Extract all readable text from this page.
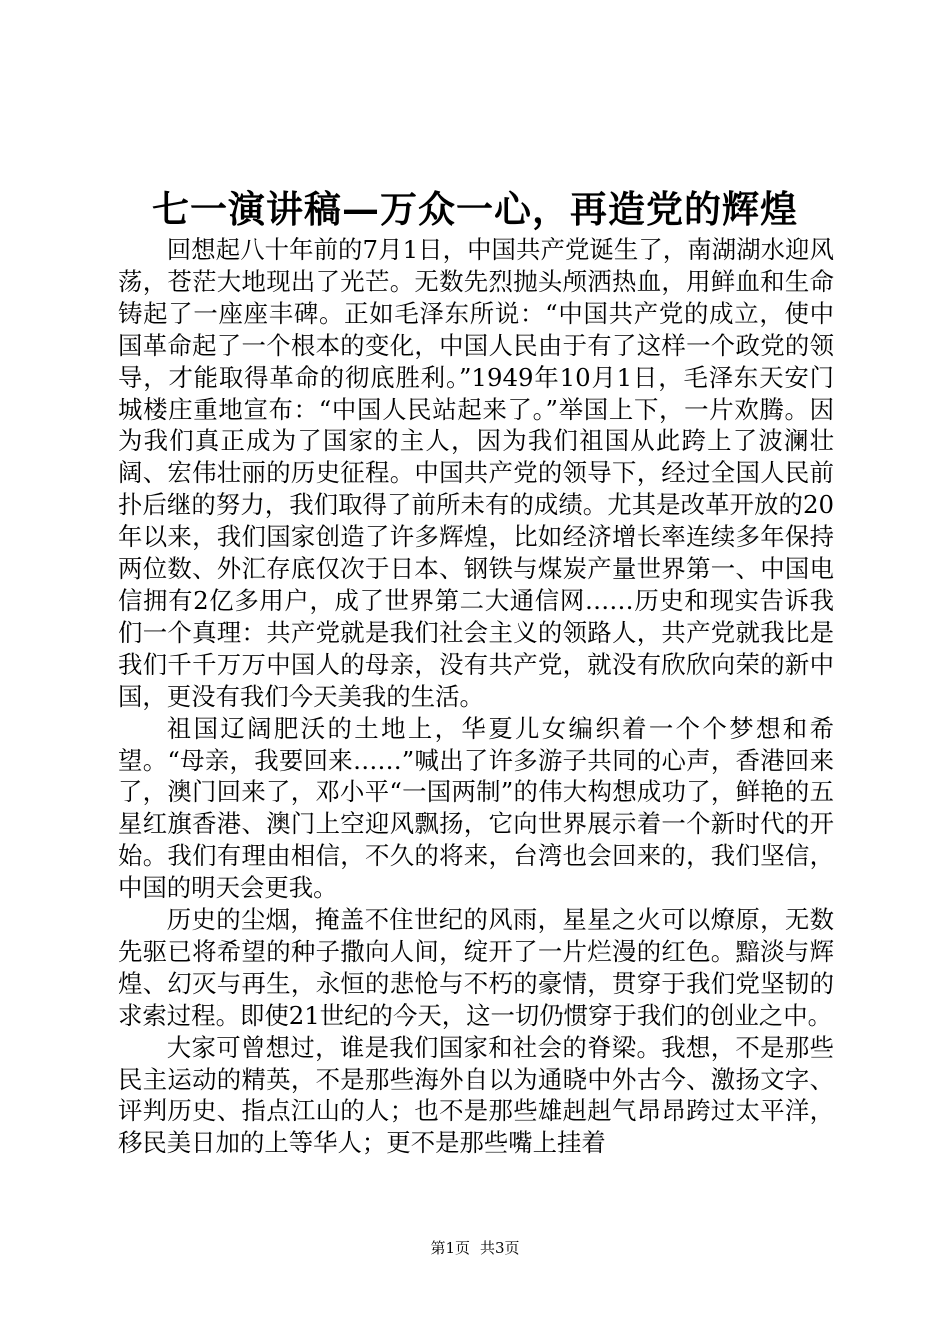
七一演讲稿—万众一心，再造党的辉煌

回想起八十年前的7月1日，中国共产党诞生了，南湖湖水迎风荡，苍茫大地现出了光芒。无数先烈抛头颅洒热血，用鲜血和生命铸起了一座座丰碑。正如毛泽东所说：“中国共产党的成立，使中国革命起了一个根本的变化，中国人民由于有了这样一个政党的领导，才能取得革命的彻底胜利。”1949年10月1日，毛泽东天安门城楼庄重地宣布：“中国人民站起来了。”举国上下，一片欢腾。因为我们真正成为了国家的主人，因为我们祖国从此跨上了波澜壮阔、宏伟壮丽的历史征程。中国共产党的领导下，经过全国人民前扑后继的努力，我们取得了前所未有的成绩。尤其是改革开放的20年以来，我们国家创造了许多辉煌，比如经济增长率连续多年保持两位数、外汇存底仅次于日本、钢铁与煤炭产量世界第一、中国电信拥有2亿多用户，成了世界第二大通信网……历史和现实告诉我们一个真理：共产党就是我们社会主义的领路人，共产党就我比是我们千千万万中国人的母亲，没有共产党，就没有欣欣向荣的新中国，更没有我们今天美我的生活。

祖国辽阔肥沃的土地上，华夏儿女编织着一个个梦想和希望。“母亲，我要回来……”喊出了许多游子共同的心声，香港回来了，澳门回来了，邓小平“一国两制”的伟大构想成功了，鲜艳的五星红旗香港、澳门上空迎风飘扬，它向世界展示着一个新时代的开始。我们有理由相信，不久的将来，台湾也会回来的，我们坚信，中国的明天会更我。

历史的尘烟，掩盖不住世纪的风雨，星星之火可以燎原，无数先驱已将希望的种子撒向人间，绽开了一片烂漫的红色。黯淡与辉煌、幻灭与再生，永恒的悲怆与不朽的豪情，贯穿于我们党坚韧的求索过程。即使21世纪的今天，这一切仍惯穿于我们的创业之中。

大家可曾想过，谁是我们国家和社会的脊梁。我想，不是那些民主运动的精英，不是那些海外自以为通晓中外古今、激扬文字、评判历史、指点江山的人；也不是那些雄赳赳气昂昂跨过太平洋，移民美日加的上等华人；更不是那些嘴上挂着

第1页 共3页
